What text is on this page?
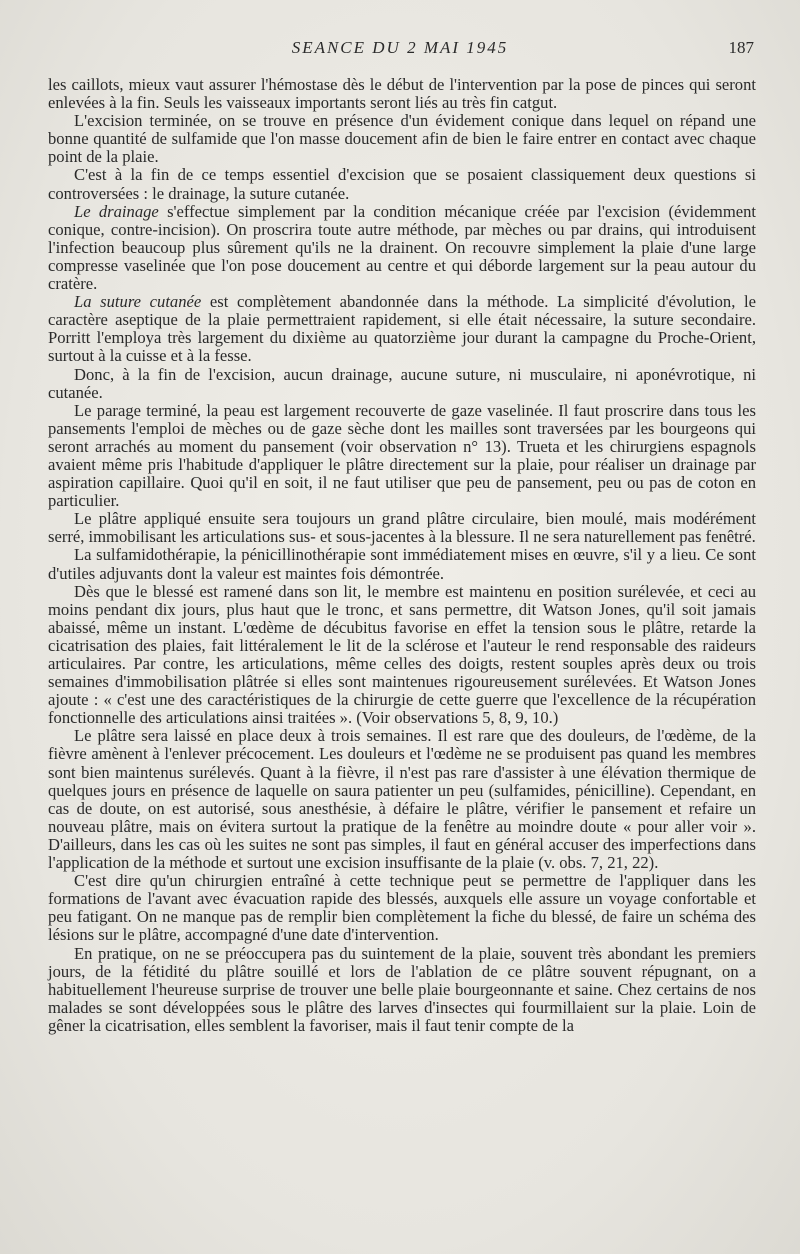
SEANCE DU 2 MAI 1945	187

les caillots, mieux vaut assurer l'hémostase dès le début de l'intervention par la pose de pinces qui seront enlevées à la fin. Seuls les vaisseaux importants seront liés au très fin catgut.

L'excision terminée, on se trouve en présence d'un évidement conique dans lequel on répand une bonne quantité de sulfamide que l'on masse doucement afin de bien le faire entrer en contact avec chaque point de la plaie.

C'est à la fin de ce temps essentiel d'excision que se posaient classiquement deux questions si controversées : le drainage, la suture cutanée.

Le drainage s'effectue simplement par la condition mécanique créée par l'excision (évidemment conique, contre-incision). On proscrira toute autre méthode, par mèches ou par drains, qui introduisent l'infection beaucoup plus sûrement qu'ils ne la drainent. On recouvre simplement la plaie d'une large compresse vaselinée que l'on pose doucement au centre et qui déborde largement sur la peau autour du cratère.

La suture cutanée est complètement abandonnée dans la méthode. La simplicité d'évolution, le caractère aseptique de la plaie permettraient rapidement, si elle était nécessaire, la suture secondaire. Porritt l'employa très largement du dixième au quatorzième jour durant la campagne du Proche-Orient, surtout à la cuisse et à la fesse.

Donc, à la fin de l'excision, aucun drainage, aucune suture, ni musculaire, ni aponévrotique, ni cutanée.

Le parage terminé, la peau est largement recouverte de gaze vaselinée. Il faut proscrire dans tous les pansements l'emploi de mèches ou de gaze sèche dont les mailles sont traversées par les bourgeons qui seront arrachés au moment du pansement (voir observation n° 13). Trueta et les chirurgiens espagnols avaient même pris l'habitude d'appliquer le plâtre directement sur la plaie, pour réaliser un drainage par aspiration capillaire. Quoi qu'il en soit, il ne faut utiliser que peu de pansement, peu ou pas de coton en particulier.

Le plâtre appliqué ensuite sera toujours un grand plâtre circulaire, bien moulé, mais modérément serré, immobilisant les articulations sus- et sous-jacentes à la blessure. Il ne sera naturellement pas fenêtré.

La sulfamidothérapie, la pénicillinothérapie sont immédiatement mises en œuvre, s'il y a lieu. Ce sont d'utiles adjuvants dont la valeur est maintes fois démontrée.

Dès que le blessé est ramené dans son lit, le membre est maintenu en position surélevée, et ceci au moins pendant dix jours, plus haut que le tronc, et sans permettre, dit Watson Jones, qu'il soit jamais abaissé, même un instant. L'œdème de décubitus favorise en effet la tension sous le plâtre, retarde la cicatrisation des plaies, fait littéralement le lit de la sclérose et l'auteur le rend responsable des raideurs articulaires. Par contre, les articulations, même celles des doigts, restent souples après deux ou trois semaines d'immobilisation plâtrée si elles sont maintenues rigoureusement surélevées. Et Watson Jones ajoute : « c'est une des caractéristiques de la chirurgie de cette guerre que l'excellence de la récupération fonctionnelle des articulations ainsi traitées ». (Voir observations 5, 8, 9, 10.)

Le plâtre sera laissé en place deux à trois semaines. Il est rare que des douleurs, de l'œdème, de la fièvre amènent à l'enlever précocement. Les douleurs et l'œdème ne se produisent pas quand les membres sont bien maintenus surélevés. Quant à la fièvre, il n'est pas rare d'assister à une élévation thermique de quelques jours en présence de laquelle on saura patienter un peu (sulfamides, pénicilline). Cependant, en cas de doute, on est autorisé, sous anesthésie, à défaire le plâtre, vérifier le pansement et refaire un nouveau plâtre, mais on évitera surtout la pratique de la fenêtre au moindre doute « pour aller voir ». D'ailleurs, dans les cas où les suites ne sont pas simples, il faut en général accuser des imperfections dans l'application de la méthode et surtout une excision insuffisante de la plaie (v. obs. 7, 21, 22).

C'est dire qu'un chirurgien entraîné à cette technique peut se permettre de l'appliquer dans les formations de l'avant avec évacuation rapide des blessés, auxquels elle assure un voyage confortable et peu fatigant. On ne manque pas de remplir bien complètement la fiche du blessé, de faire un schéma des lésions sur le plâtre, accompagné d'une date d'intervention.

En pratique, on ne se préoccupera pas du suintement de la plaie, souvent très abondant les premiers jours, de la fétidité du plâtre souillé et lors de l'ablation de ce plâtre souvent répugnant, on a habituellement l'heureuse surprise de trouver une belle plaie bourgeonnante et saine. Chez certains de nos malades se sont développées sous le plâtre des larves d'insectes qui fourmillaient sur la plaie. Loin de gêner la cicatrisation, elles semblent la favoriser, mais il faut tenir compte de la
